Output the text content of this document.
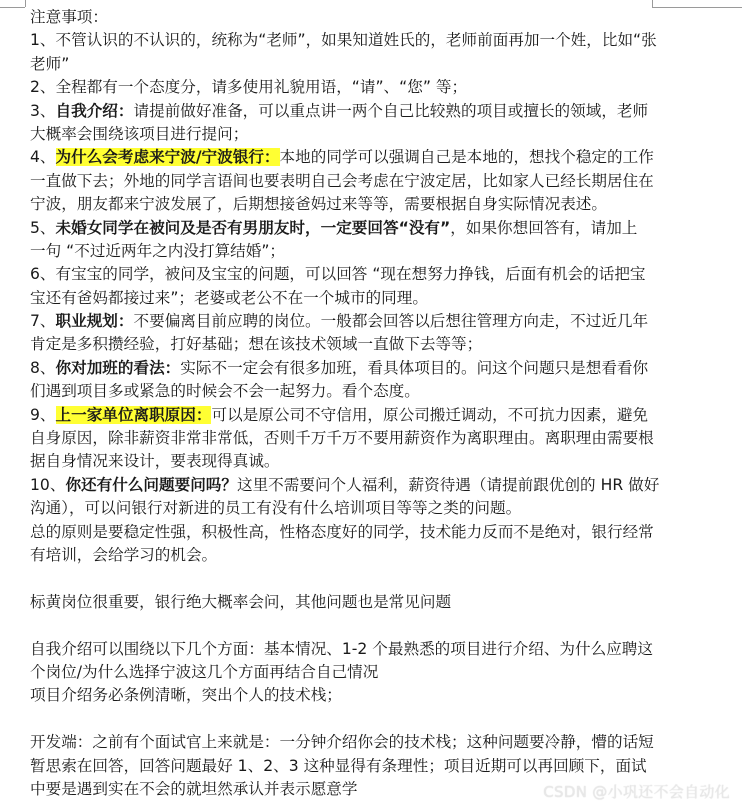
注意事项：
1、不管认识的不认识的，统称为“老师”，如果知道姓氏的，老师前面再加一个姓，比如“张
老师”
2、全程都有一个态度分，请多使用礼貌用语，“请”、“您” 等；
3、自我介绍：请提前做好准备，可以重点讲一两个自己比较熟的项目或擅长的领域，老师
大概率会围绕该项目进行提问；
4、为什么会考虑来宁波/宁波银行：本地的同学可以强调自己是本地的，想找个稳定的工作
一直做下去；外地的同学言语间也要表明自己会考虑在宁波定居，比如家人已经长期居住在
宁波，朋友都来宁波发展了，后期想接爸妈过来等等，需要根据自身实际情况表述。
5、未婚女同学在被问及是否有男朋友时，一定要回答“没有”，如果你想回答有，请加上
一句 “不过近两年之内没打算结婚”；
6、有宝宝的同学，被问及宝宝的问题，可以回答 “现在想努力挣钱，后面有机会的话把宝
宝还有爸妈都接过来”；老婆或老公不在一个城市的同理。
7、职业规划：不要偏离目前应聘的岗位。一般都会回答以后想往管理方向走，不过近几年
肯定是多积攒经验，打好基础；想在该技术领域一直做下去等等；
8、你对加班的看法：实际不一定会有很多加班，看具体项目的。问这个问题只是想看看你
们遇到项目多或紧急的时候会不会一起努力。看个态度。
9、上一家单位离职原因：可以是原公司不守信用，原公司搬迁调动，不可抗力因素，避免
自身原因，除非薪资非常非常低，否则千万千万不要用薪资作为离职理由。离职理由需要根
据自身情况来设计，要表现得真诚。
10、你还有什么问题要问吗？这里不需要问个人福利，薪资待遇（请提前跟优创的 HR 做好
沟通），可以问银行对新进的员工有没有什么培训项目等等之类的问题。
总的原则是要稳定性强，积极性高，性格态度好的同学，技术能力反而不是绝对，银行经常
有培训，会给学习的机会。
标黄岗位很重要，银行绝大概率会问，其他问题也是常见问题
自我介绍可以围绕以下几个方面：基本情况、1-2 个最熟悉的项目进行介绍、为什么应聘这
个岗位/为什么选择宁波这几个方面再结合自己情况
项目介绍务必条例清晰，突出个人的技术栈；
开发端：之前有个面试官上来就是：一分钟介绍你会的技术栈；这种问题要冷静，懵的话短
暂思索在回答，回答问题最好 1、2、3 这种显得有条理性；项目近期可以再回顾下，面试
中要是遇到实在不会的就坦然承认并表示愿意学	CSDN @小巩还不会自动化
